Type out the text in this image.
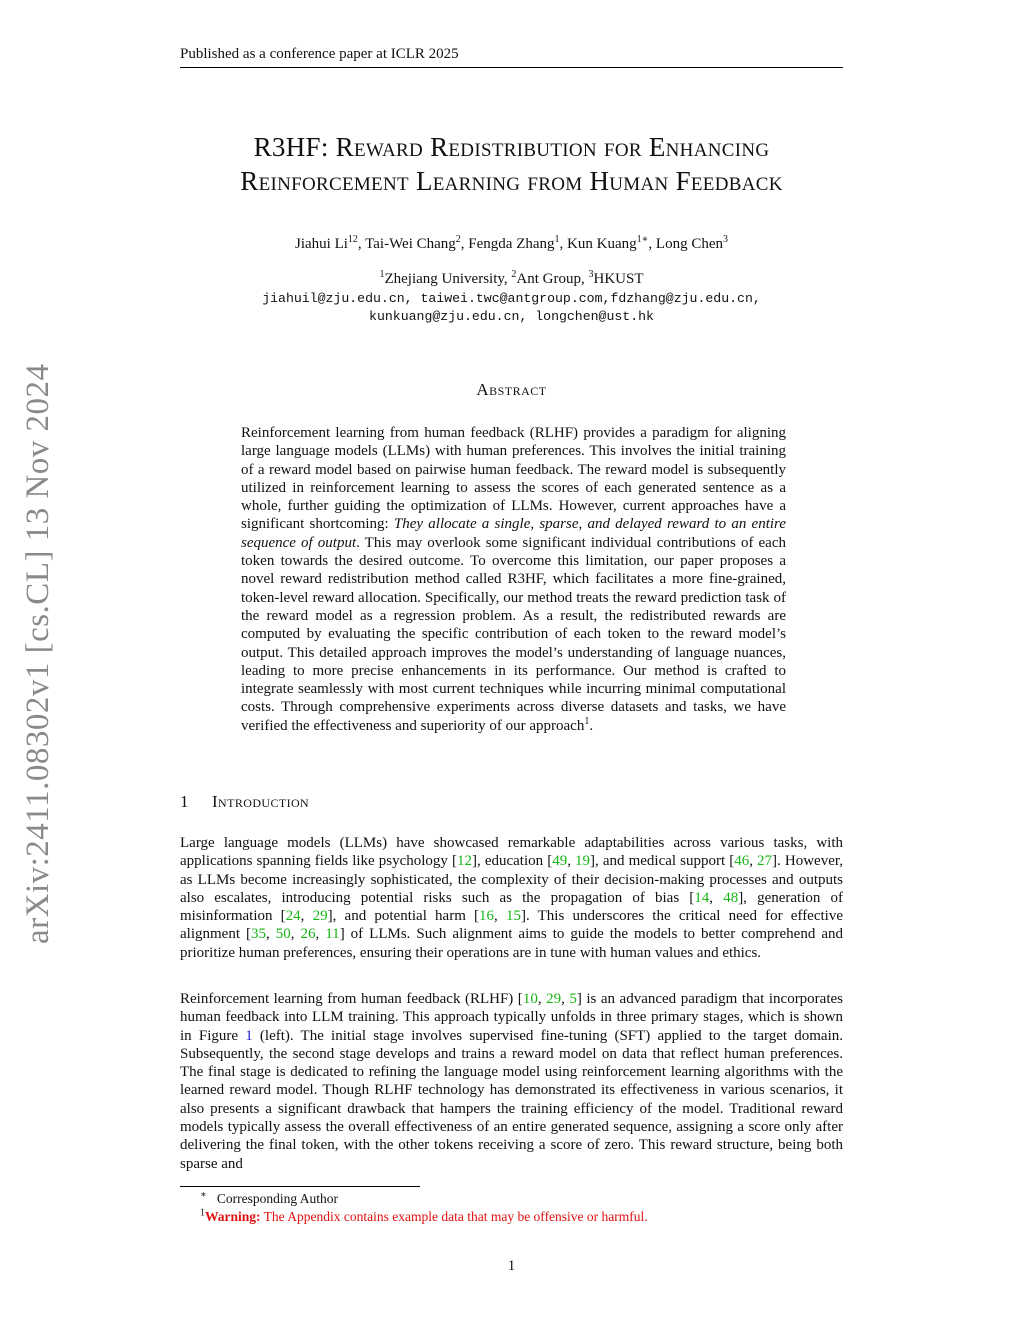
Published as a conference paper at ICLR 2025
R3HF: Reward Redistribution for Enhancing
Reinforcement Learning from Human Feedback
Jiahui Li$^{12}$, Tai-Wei Chang$^2$, Fengda Zhang$^1$, Kun Kuang$^{1∗}$, Long Chen$^3$
$^1$Zhejiang University, $^2$Ant Group, $^3$HKUST
jiahuil@zju.edu.cn, taiwei.twc@antgroup.com,fdzhang@zju.edu.cn,
kunkuang@zju.edu.cn, longchen@ust.hk
arXiv:2411.08302v1 [cs.CL] 13 Nov 2024	Abstract

Reinforcement learning from human feedback (RLHF) provides a paradigm for aligning large language models (LLMs) with human preferences. This involves the initial training of a reward model based on pairwise human feedback. The reward model is subsequently utilized in reinforcement learning to assess the scores of each generated sentence as a whole, further guiding the optimization of LLMs. However, current approaches have a significant shortcoming: They allocate a single, sparse, and delayed reward to an entire sequence of output. This may overlook some significant individual contributions of each token towards the desired outcome. To overcome this limitation, our paper proposes a novel reward redistribution method called R3HF, which facilitates a more fine-grained, token-level reward allocation. Specifically, our method treats the reward prediction task of the reward model as a regression problem. As a result, the redistributed rewards are computed by evaluating the specific contribution of each token to the reward model’s output. This detailed approach improves the model’s understanding of language nuances, leading to more precise enhancements in its performance. Our method is crafted to integrate seamlessly with most current techniques while incurring minimal computational costs. Through comprehensive experiments across diverse datasets and tasks, we have verified the effectiveness and superiority of our approach$^1$.

1 Introduction

Large language models (LLMs) have showcased remarkable adaptabilities across various tasks, with applications spanning fields like psychology [12], education [49, 19], and medical support [46, 27]. However, as LLMs become increasingly sophisticated, the complexity of their decision-making processes and outputs also escalates, introducing potential risks such as the propagation of bias [14, 48], generation of misinformation [24, 29], and potential harm [16, 15]. This underscores the critical need for effective alignment [35, 50, 26, 11] of LLMs. Such alignment aims to guide the models to better comprehend and prioritize human preferences, ensuring their operations are in tune with human values and ethics.

Reinforcement learning from human feedback (RLHF) [10, 29, 5] is an advanced paradigm that incorporates human feedback into LLM training. This approach typically unfolds in three primary stages, which is shown in Figure 1 (left). The initial stage involves supervised fine-tuning (SFT) applied to the target domain. Subsequently, the second stage develops and trains a reward model on data that reflect human preferences. The final stage is dedicated to refining the language model using reinforcement learning algorithms with the learned reward model. Though RLHF technology has demonstrated its effectiveness in various scenarios, it also presents a significant drawback that hampers the training efficiency of the model. Traditional reward models typically assess the overall effectiveness of an entire generated sequence, assigning a score only after delivering the final token, with the other tokens receiving a score of zero. This reward structure, being both sparse and

∗ Corresponding Author
$^1$Warning: The Appendix contains example data that may be offensive or harmful.
1
